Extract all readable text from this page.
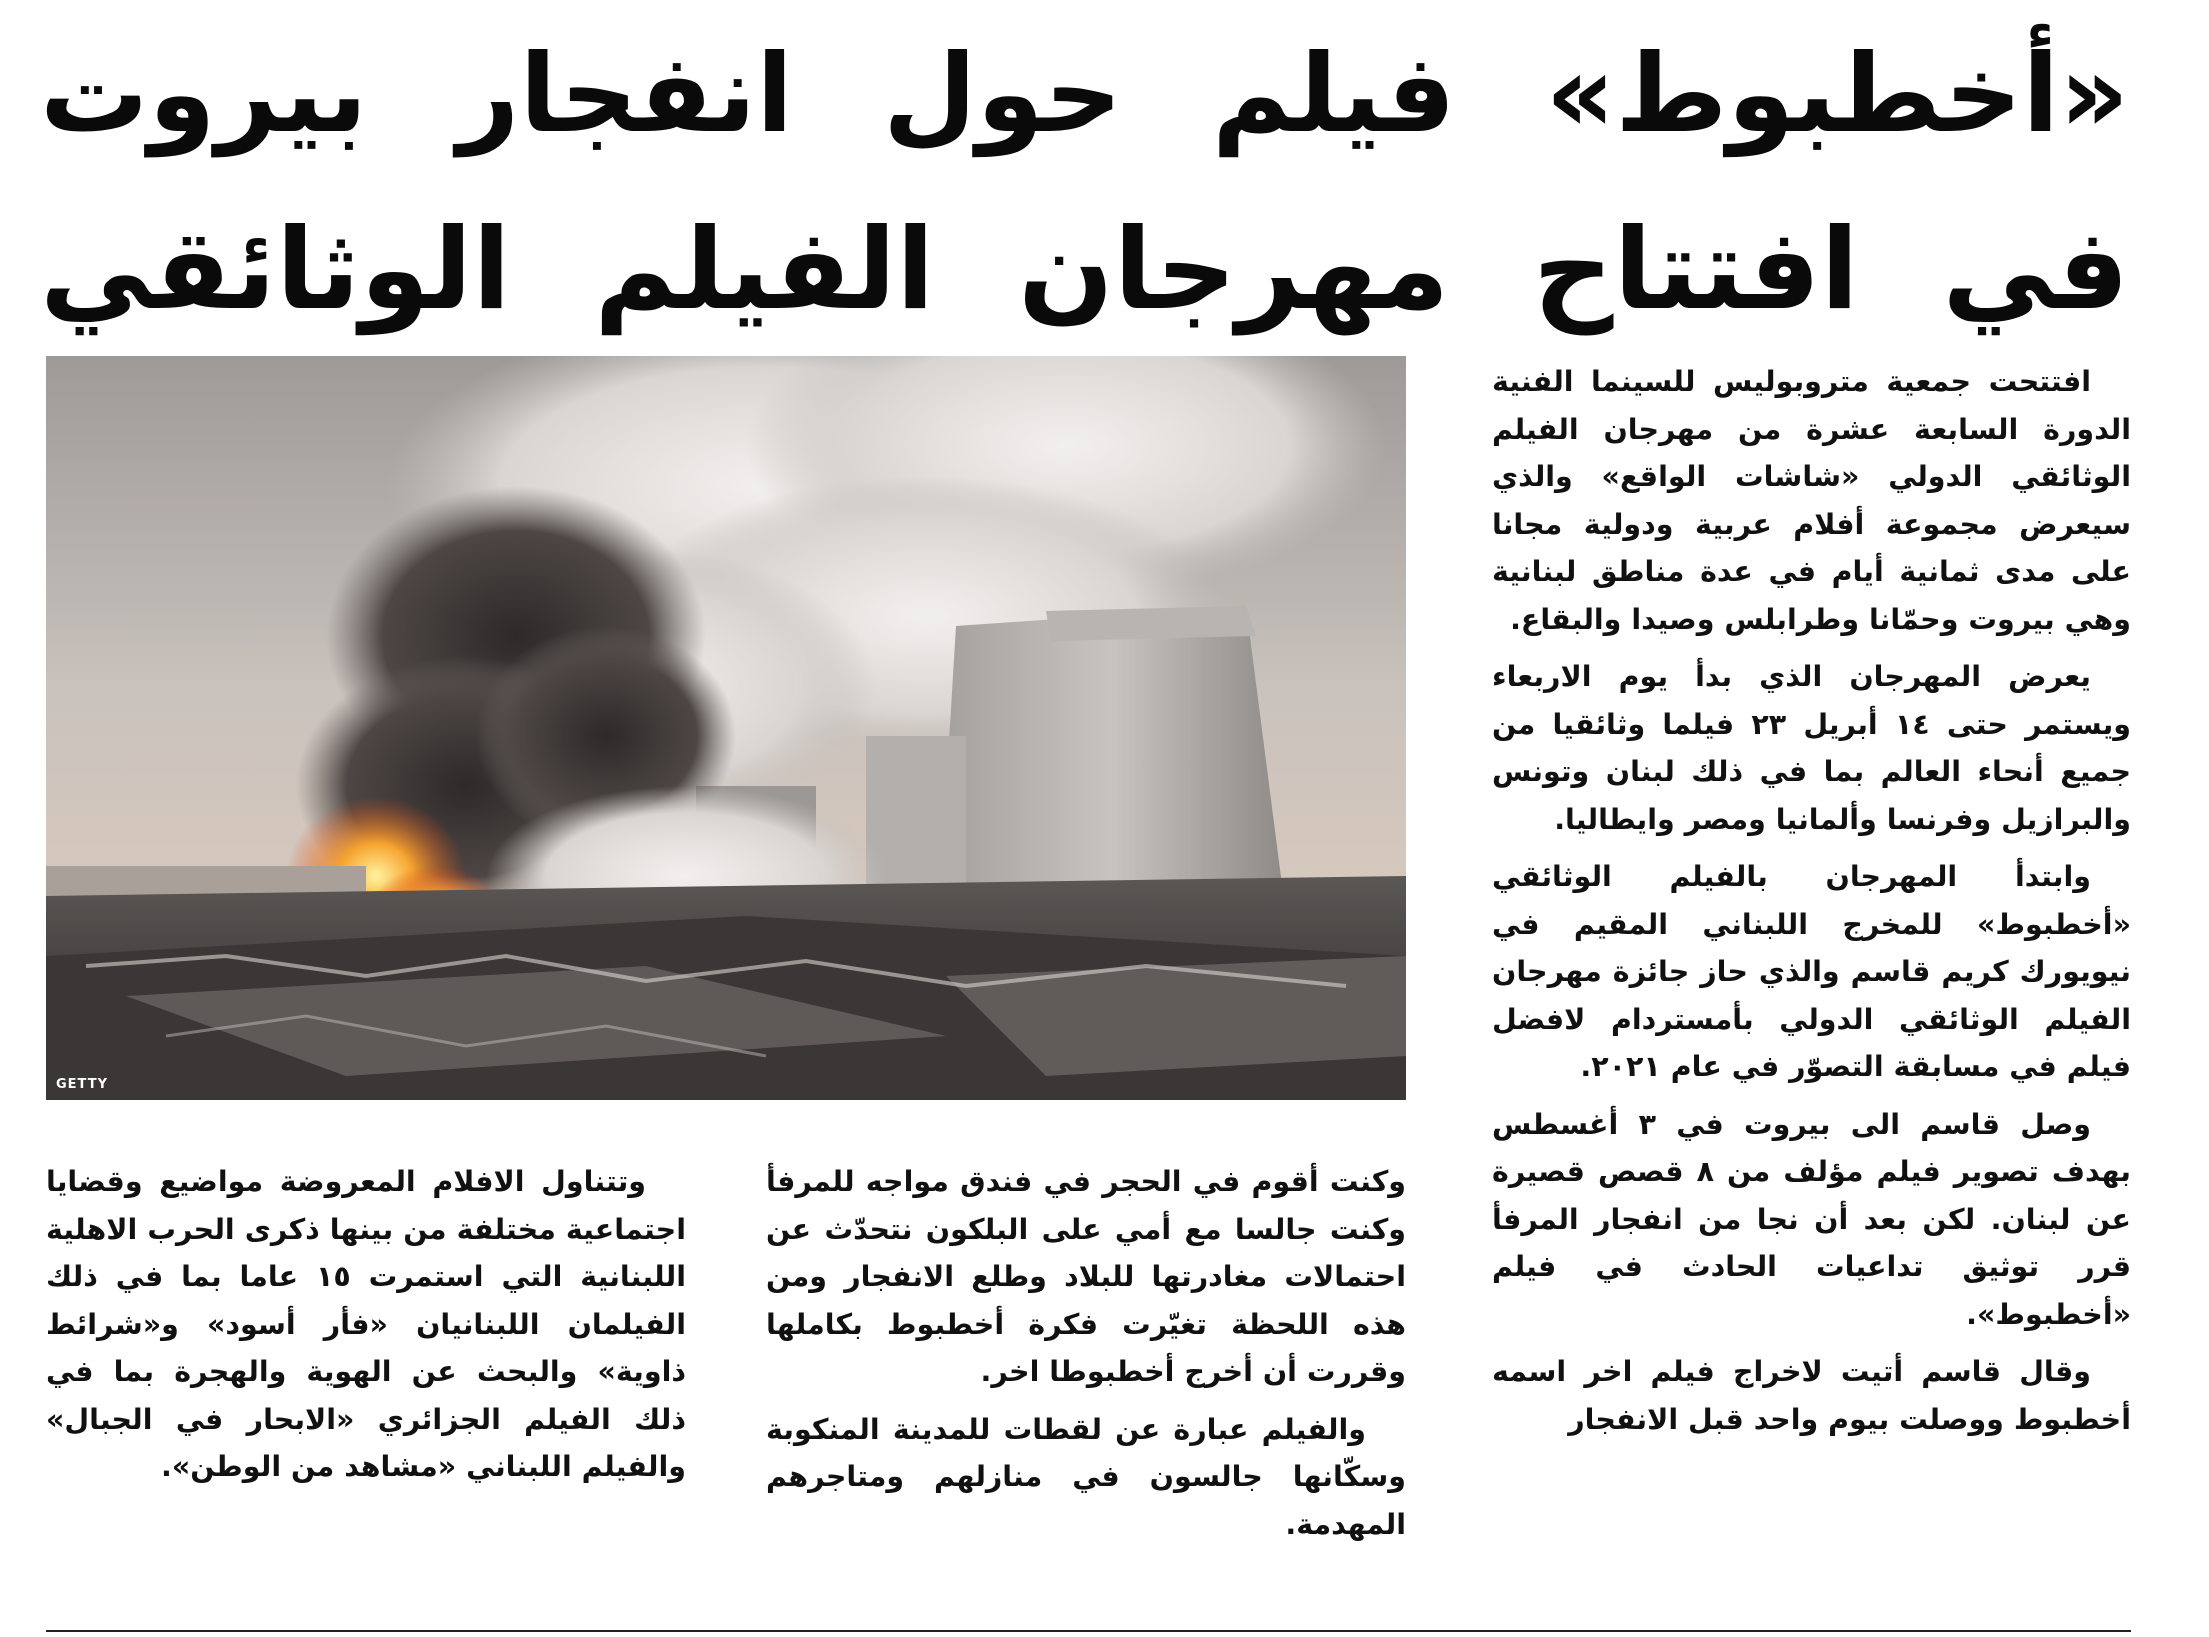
«أخطبوط» فيلم حول انفجار بيروت
في افتتاح مهرجان الفيلم الوثائقي
GETTY

افتتحت جمعية متروبوليس للسينما الفنية الدورة السابعة عشرة من مهرجان الفيلم الوثائقي الدولي «شاشات الواقع» والذي سيعرض مجموعة أفلام عربية ودولية مجانا على مدى ثمانية أيام في عدة مناطق لبنانية وهي بيروت وحمّانا وطرابلس وصيدا والبقاع.

يعرض المهرجان الذي بدأ يوم الاربعاء ويستمر حتى ١٤ أبريل ٢٣ فيلما وثائقيا من جميع أنحاء العالم بما في ذلك لبنان وتونس والبرازيل وفرنسا وألمانيا ومصر وايطاليا.

وابتدأ المهرجان بالفيلم الوثائقي «أخطبوط» للمخرج اللبناني المقيم في نيويورك كريم قاسم والذي حاز جائزة مهرجان الفيلم الوثائقي الدولي بأمستردام لافضل فيلم في مسابقة التصوّر في عام ٢٠٢١.

وصل قاسم الى بيروت في ٣ أغسطس بهدف تصوير فيلم مؤلف من ٨ قصص قصيرة عن لبنان. لكن بعد أن نجا من انفجار المرفأ قرر توثيق تداعيات الحادث في فيلم «أخطبوط».

وقال قاسم أتيت لاخراج فيلم اخر اسمه أخطبوط ووصلت بيوم واحد قبل الانفجار

وكنت أقوم في الحجر في فندق مواجه للمرفأ وكنت جالسا مع أمي على البلكون نتحدّث عن احتمالات مغادرتها للبلاد وطلع الانفجار ومن هذه اللحظة تغيّرت فكرة أخطبوط بكاملها وقررت أن أخرج أخطبوطا اخر.

والفيلم عبارة عن لقطات للمدينة المنكوبة وسكّانها جالسون في منازلهم ومتاجرهم المهدمة.

وتتناول الافلام المعروضة مواضيع وقضايا اجتماعية مختلفة من بينها ذكرى الحرب الاهلية اللبنانية التي استمرت ١٥ عاما بما في ذلك الفيلمان اللبنانيان «فأر أسود» و«شرائط ذاوية» والبحث عن الهوية والهجرة بما في ذلك الفيلم الجزائري «الابحار في الجبال» والفيلم اللبناني «مشاهد من الوطن».
